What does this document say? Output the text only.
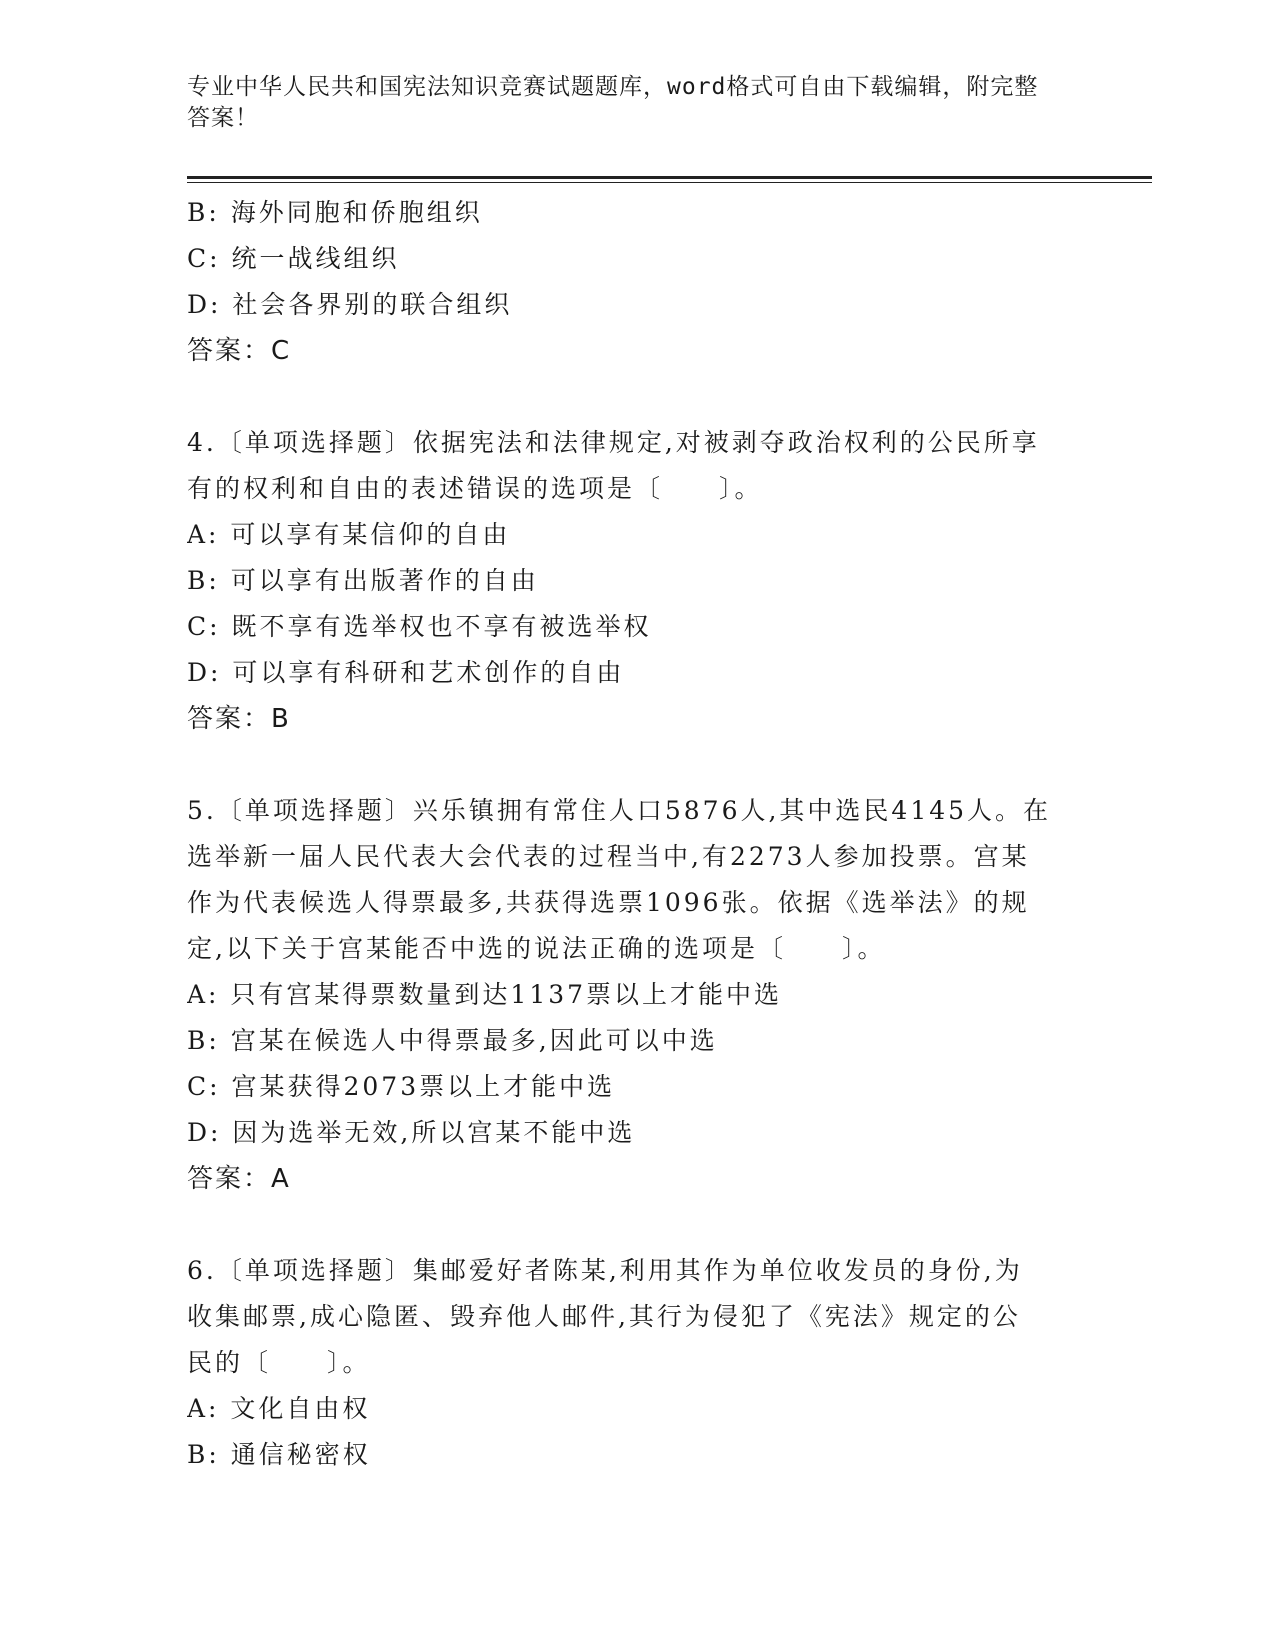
专业中华人民共和国宪法知识竞赛试题题库，word格式可自由下载编辑，附完整
答案！
B: 海外同胞和侨胞组织
C: 统一战线组织
D: 社会各界别的联合组织
答案：C
4.〔单项选择题〕依据宪法和法律规定,对被剥夺政治权利的公民所享
有的权利和自由的表述错误的选项是〔　　〕。
A: 可以享有某信仰的自由
B: 可以享有出版著作的自由
C: 既不享有选举权也不享有被选举权
D: 可以享有科研和艺术创作的自由
答案：B
5.〔单项选择题〕兴乐镇拥有常住人口5876人,其中选民4145人。在
选举新一届人民代表大会代表的过程当中,有2273人参加投票。宫某
作为代表候选人得票最多,共获得选票1096张。依据《选举法》的规
定,以下关于宫某能否中选的说法正确的选项是〔　　〕。
A: 只有宫某得票数量到达1137票以上才能中选
B: 宫某在候选人中得票最多,因此可以中选
C: 宫某获得2073票以上才能中选
D: 因为选举无效,所以宫某不能中选
答案：A
6.〔单项选择题〕集邮爱好者陈某,利用其作为单位收发员的身份,为
收集邮票,成心隐匿、毁弃他人邮件,其行为侵犯了《宪法》规定的公
民的〔　　〕。
A: 文化自由权
B: 通信秘密权
